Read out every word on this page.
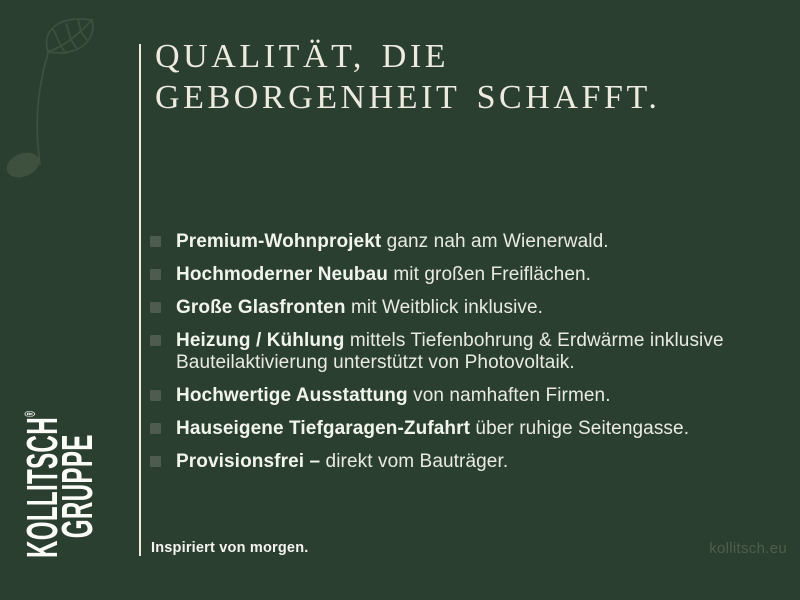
KOLLITSCH®
GRUPPE
QUALITÄT, DIE
GEBORGENHEIT SCHAFFT.
Premium-Wohnprojekt ganz nah am Wienerwald.
Hochmoderner Neubau mit großen Freiflächen.
Große Glasfronten mit Weitblick inklusive.
Heizung / Kühlung mittels Tiefenbohrung & Erdwärme inklusive Bauteilaktivierung unterstützt von Photovoltaik.
Hochwertige Ausstattung von namhaften Firmen.
Hauseigene Tiefgaragen-Zufahrt über ruhige Seitengasse.
Provisionsfrei – direkt vom Bauträger.
Inspiriert von morgen.	kollitsch.eu
